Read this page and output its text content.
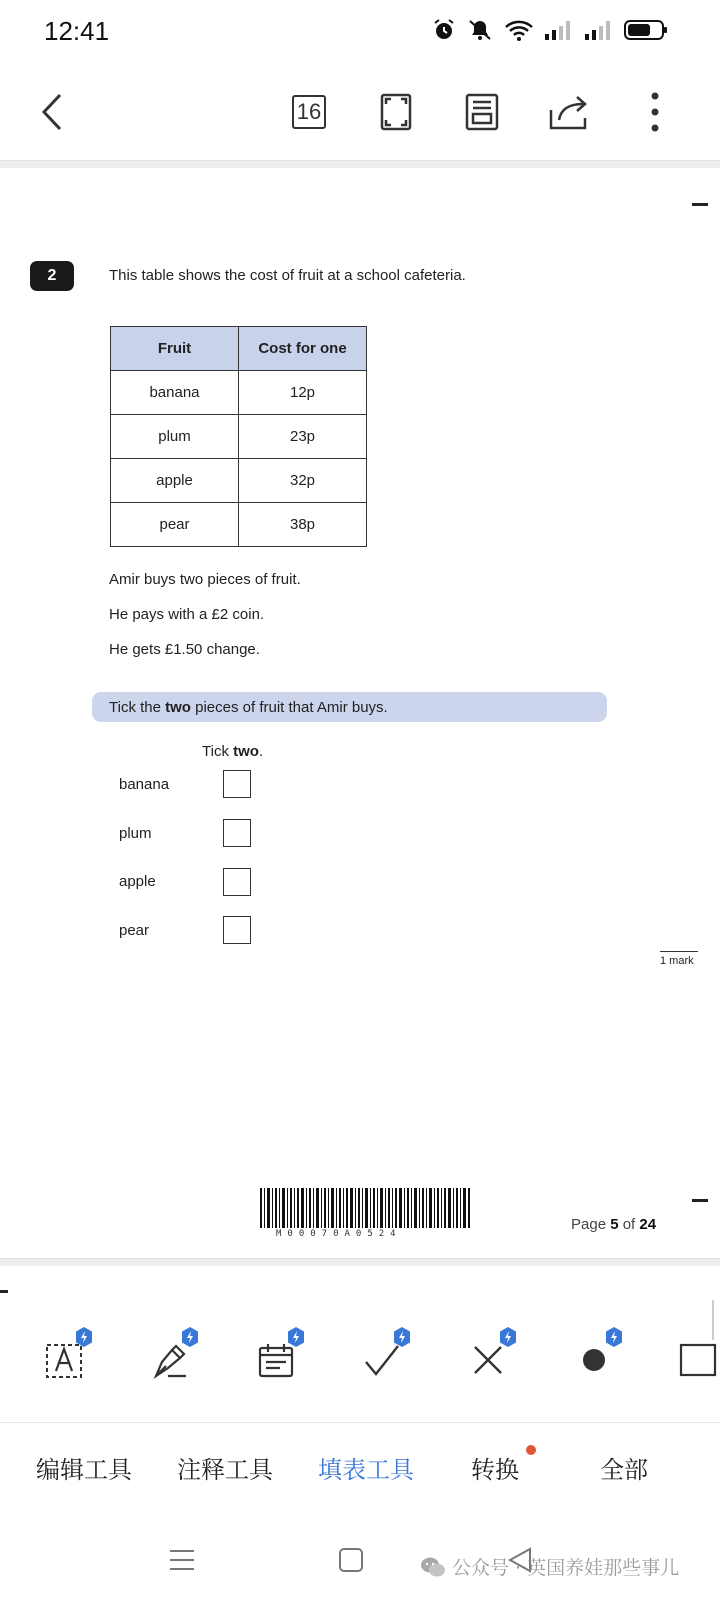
12:41
16
2	This table shows the cost of fruit at a school cafeteria.
Fruit	Cost for one
banana	12p
plum	23p
apple	32p
pear	38p
Amir buys two pieces of fruit.
He pays with a £2 coin.
He gets £1.50 change.
Tick the two pieces of fruit that Amir buys.
Tick two.
banana
plum
apple
pear
1 mark
M00070A0524
Page 5 of 24
编辑工具 注释工具 填表工具 转换	全部
公众号 · 英国养娃那些事儿
